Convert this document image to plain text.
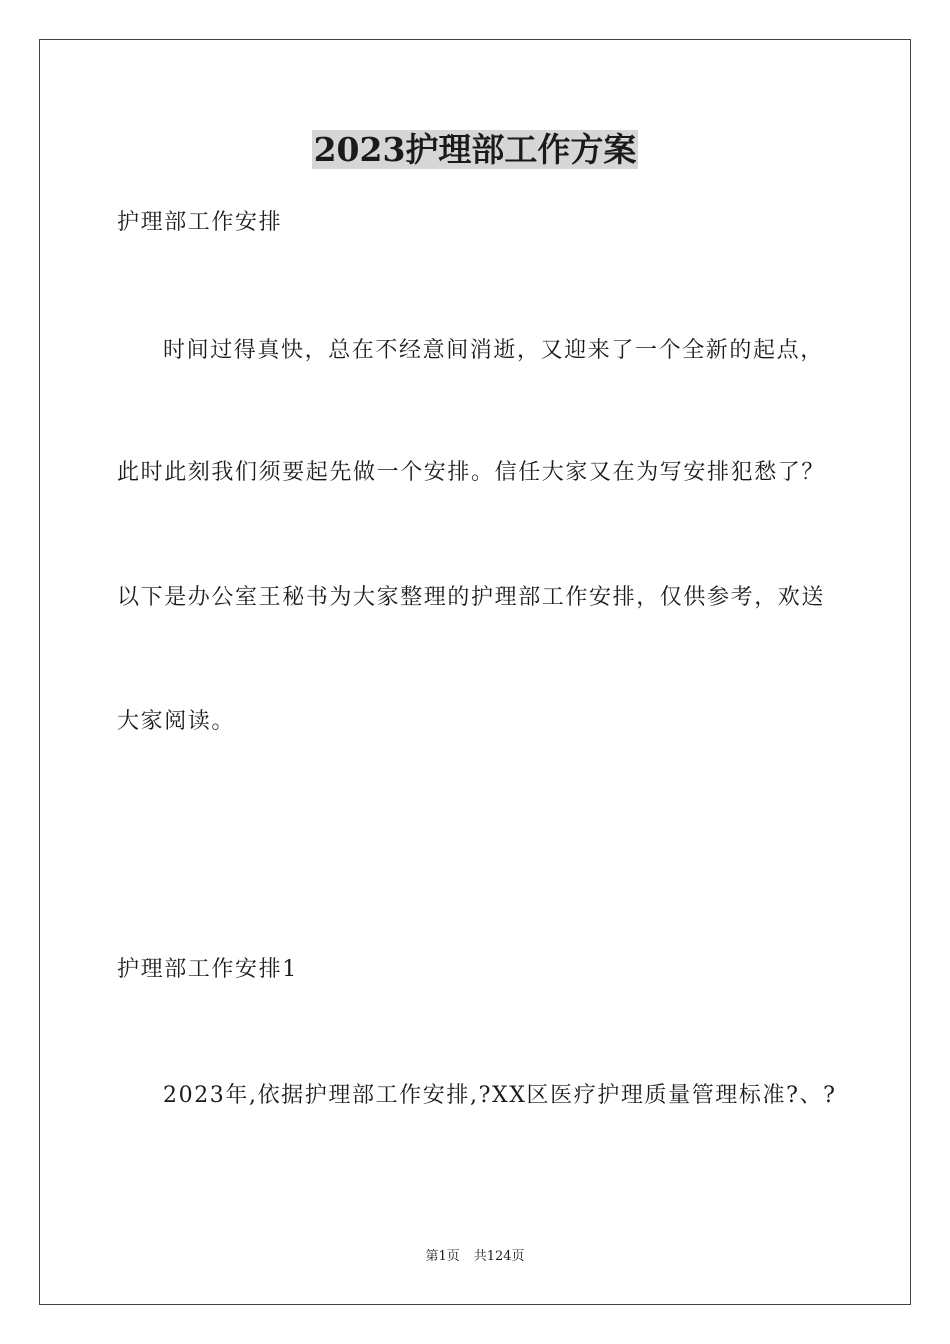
2023护理部工作方案
护理部工作安排
时间过得真快，总在不经意间消逝，又迎来了一个全新的起点，
此时此刻我们须要起先做一个安排。信任大家又在为写安排犯愁了？
以下是办公室王秘书为大家整理的护理部工作安排，仅供参考，欢送
大家阅读。
护理部工作安排1
2023年,依据护理部工作安排,?XX区医疗护理质量管理标准?、?
第1页 共124页
